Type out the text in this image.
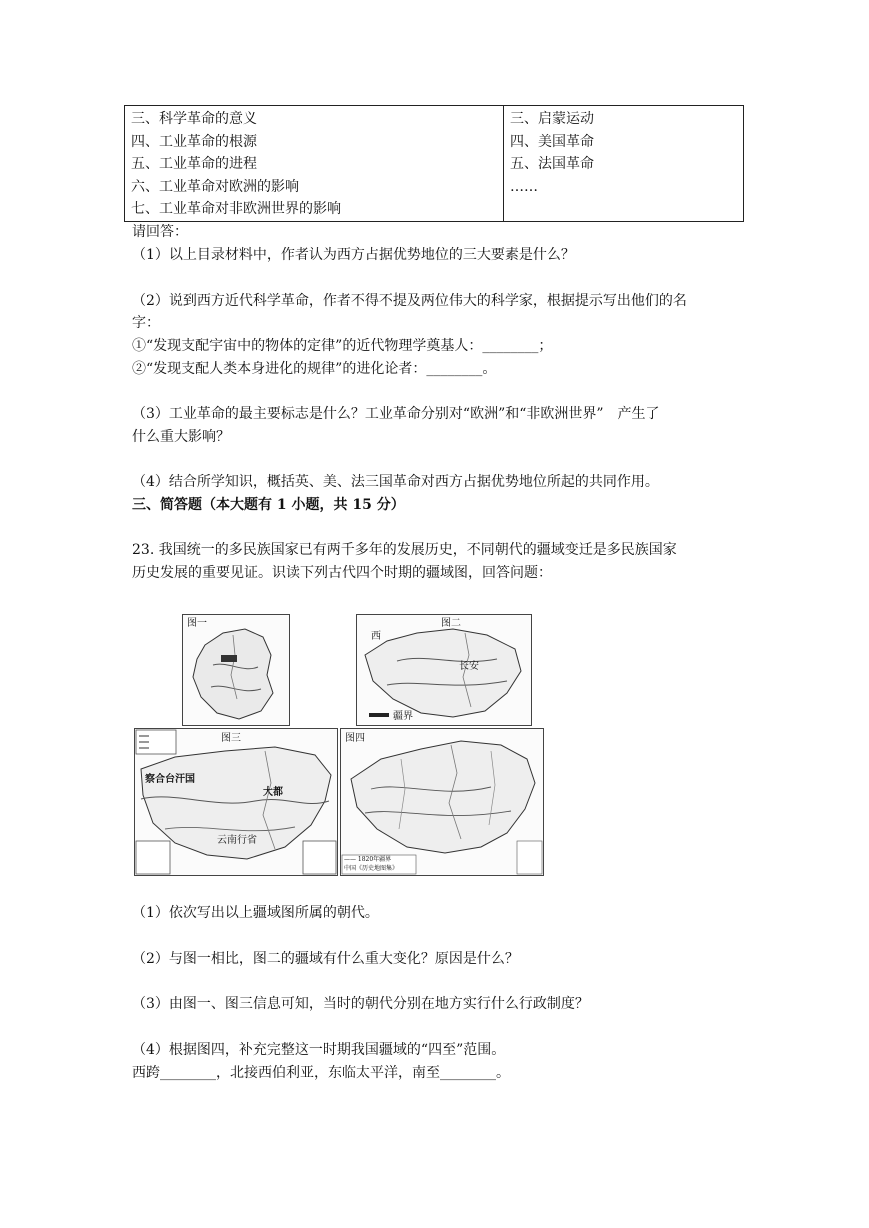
三、科学革命的意义
四、工业革命的根源
五、工业革命的进程
六、工业革命对欧洲的影响
七、工业革命对非欧洲世界的影响

三、启蒙运动
四、美国革命
五、法国革命
……
请回答：
（1）以上目录材料中，作者认为西方占据优势地位的三大要素是什么？
（2）说到西方近代科学革命，作者不得不提及两位伟大的科学家，根据提示写出他们的名
字：
①“发现支配宇宙中的物体的定律”的近代物理学奠基人：________；
②“发现支配人类本身进化的规律”的进化论者：________。
（3）工业革命的最主要标志是什么？工业革命分别对“欧洲”和“非欧洲世界”　产生了
什么重大影响？
（4）结合所学知识，概括英、美、法三国革命对西方占据优势地位所起的共同作用。
三、简答题（本大题有 1 小题，共 15 分）
23. 我国统一的多民族国家已有两千多年的发展历史，不同朝代的疆域变迁是多民族国家
历史发展的重要见证。识读下列古代四个时期的疆域图，回答问题：
图一	图二
西
长安
疆界
图三
察合台汗国
大都
云南行省
图四
—— 1820年疆界
中国《历史地图集》
（1）依次写出以上疆域图所属的朝代。
（2）与图一相比，图二的疆域有什么重大变化？原因是什么？
（3）由图一、图三信息可知，当时的朝代分别在地方实行什么行政制度？
（4）根据图四，补充完整这一时期我国疆域的“四至”范围。
西跨________，北接西伯利亚，东临太平洋，南至________。
